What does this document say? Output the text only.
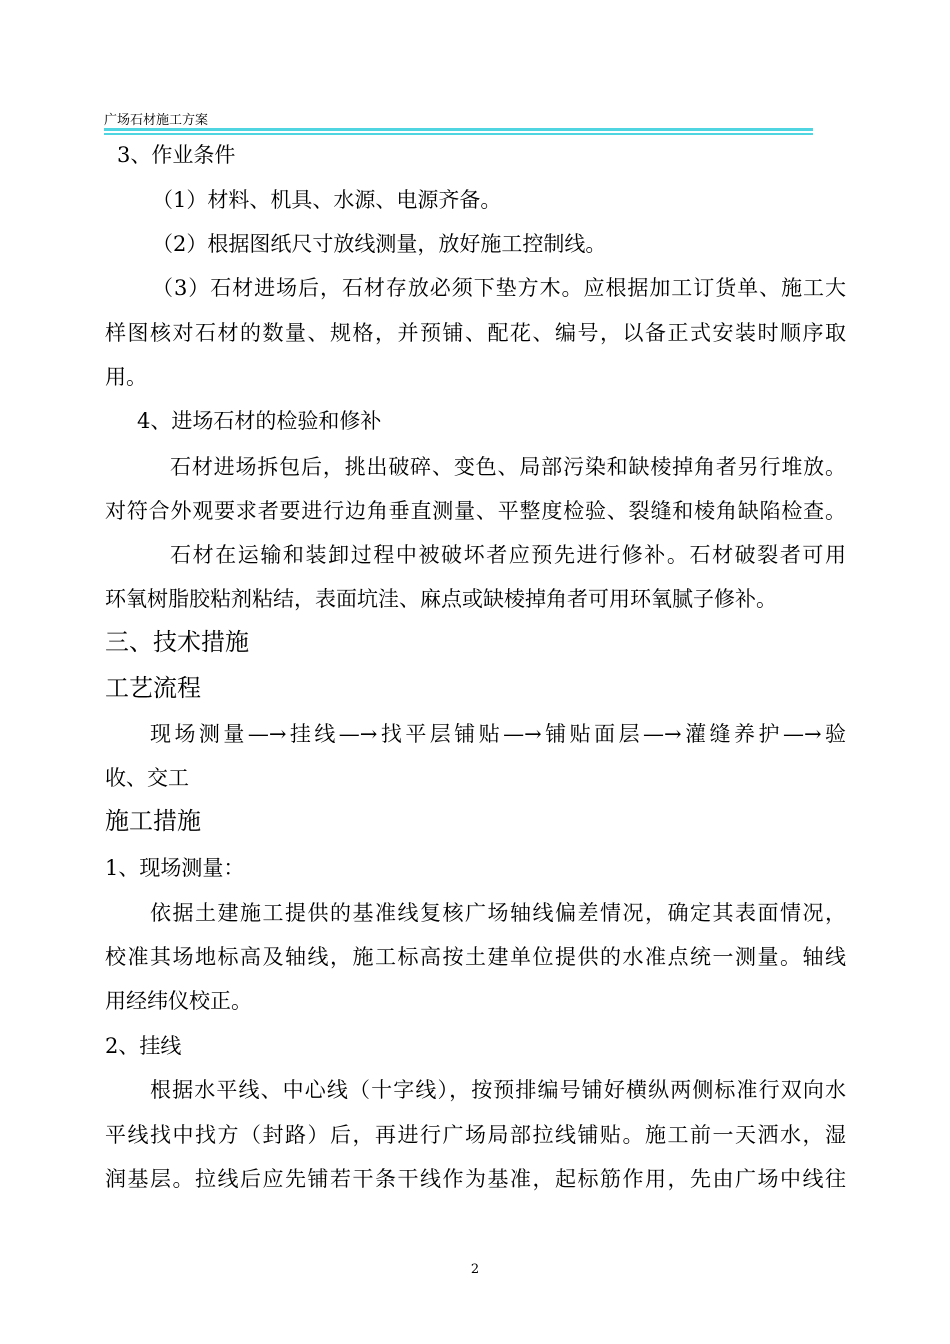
广场石材施工方案
3、作业条件
（1）材料、机具、水源、电源齐备。
（2）根据图纸尺寸放线测量，放好施工控制线。
（3）石材进场后，石材存放必须下垫方木。应根据加工订货单、施工大
样图核对石材的数量、规格，并预铺、配花、编号，以备正式安装时顺序取
用。
4、进场石材的检验和修补
石材进场拆包后，挑出破碎、变色、局部污染和缺棱掉角者另行堆放。
对符合外观要求者要进行边角垂直测量、平整度检验、裂缝和棱角缺陷检查。
石材在运输和装卸过程中被破坏者应预先进行修补。石材破裂者可用
环氧树脂胶粘剂粘结，表面坑洼、麻点或缺棱掉角者可用环氧腻子修补。
三、技术措施
工艺流程
现场测量—→挂线—→找平层铺贴—→铺贴面层—→灌缝养护—→验
收、交工
施工措施
1、现场测量：
依据土建施工提供的基准线复核广场轴线偏差情况，确定其表面情况，
校准其场地标高及轴线，施工标高按土建单位提供的水准点统一测量。轴线
用经纬仪校正。
2、挂线
根据水平线、中心线（十字线），按预排编号铺好横纵两侧标准行双向水
平线找中找方（封路）后，再进行广场局部拉线铺贴。施工前一天洒水，湿
润基层。拉线后应先铺若干条干线作为基准，起标筋作用，先由广场中线往
2
